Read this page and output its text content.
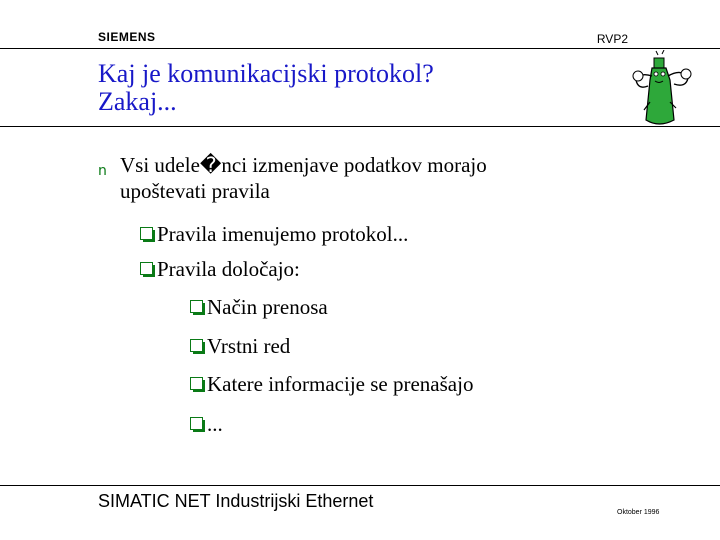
SIEMENS	RVP2
Kaj je komunikacijski protokol?
Zakaj...
n Vsi udele�nci izmenjave podatkov morajo
upoštevati pravila
Pravila imenujemo protokol...
Pravila določajo:
Način prenosa
Vrstni red
Katere informacije se prenašajo
...
SIMATIC NET Industrijski Ethernet
Oktober 1996
